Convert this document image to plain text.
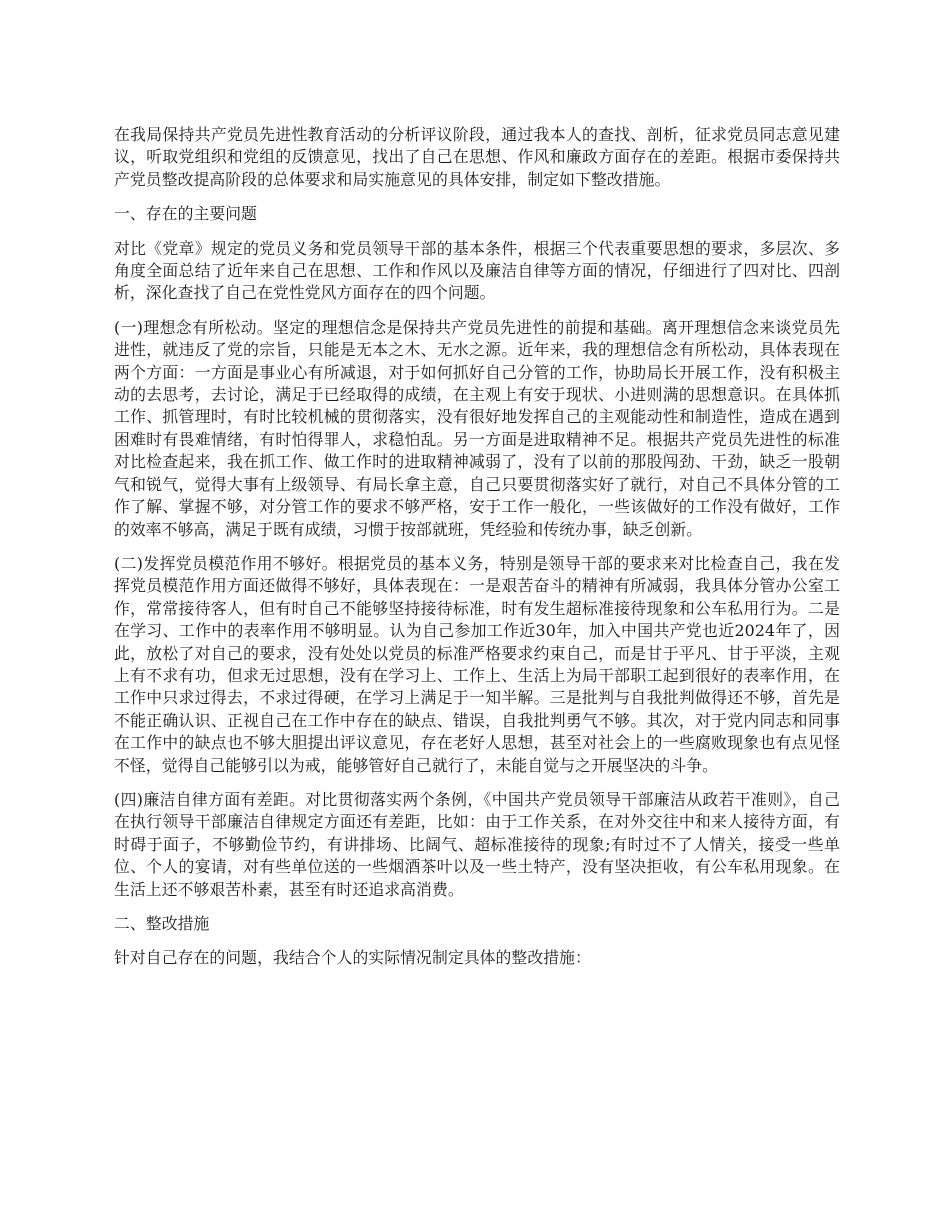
在我局保持共产党员先进性教育活动的分析评议阶段，通过我本人的查找、剖析，征求党员同志意见建议，听取党组织和党组的反馈意见，找出了自己在思想、作风和廉政方面存在的差距。根据市委保持共产党员整改提高阶段的总体要求和局实施意见的具体安排，制定如下整改措施。

一、存在的主要问题

对比《党章》规定的党员义务和党员领导干部的基本条件，根据三个代表重要思想的要求，多层次、多角度全面总结了近年来自己在思想、工作和作风以及廉洁自律等方面的情况，仔细进行了四对比、四剖析，深化查找了自己在党性党风方面存在的四个问题。

(一)理想念有所松动。坚定的理想信念是保持共产党员先进性的前提和基础。离开理想信念来谈党员先进性，就违反了党的宗旨，只能是无本之木、无水之源。近年来，我的理想信念有所松动，具体表现在两个方面：一方面是事业心有所减退，对于如何抓好自己分管的工作，协助局长开展工作，没有积极主动的去思考，去讨论，满足于已经取得的成绩，在主观上有安于现状、小进则满的思想意识。在具体抓工作、抓管理时，有时比较机械的贯彻落实，没有很好地发挥自己的主观能动性和制造性，造成在遇到困难时有畏难情绪，有时怕得罪人，求稳怕乱。另一方面是进取精神不足。根据共产党员先进性的标准对比检查起来，我在抓工作、做工作时的进取精神减弱了，没有了以前的那股闯劲、干劲，缺乏一股朝气和锐气，觉得大事有上级领导、有局长拿主意，自己只要贯彻落实好了就行，对自己不具体分管的工作了解、掌握不够，对分管工作的要求不够严格，安于工作一般化，一些该做好的工作没有做好，工作的效率不够高，满足于既有成绩，习惯于按部就班，凭经验和传统办事，缺乏创新。

(二)发挥党员模范作用不够好。根据党员的基本义务，特别是领导干部的要求来对比检查自己，我在发挥党员模范作用方面还做得不够好，具体表现在：一是艰苦奋斗的精神有所减弱，我具体分管办公室工作，常常接待客人，但有时自己不能够坚持接待标准，时有发生超标准接待现象和公车私用行为。二是在学习、工作中的表率作用不够明显。认为自己参加工作近30年，加入中国共产党也近2024年了，因此，放松了对自己的要求，没有处处以党员的标准严格要求约束自己，而是甘于平凡、甘于平淡，主观上有不求有功，但求无过思想，没有在学习上、工作上、生活上为局干部职工起到很好的表率作用，在工作中只求过得去，不求过得硬，在学习上满足于一知半解。三是批判与自我批判做得还不够，首先是不能正确认识、正视自己在工作中存在的缺点、错误，自我批判勇气不够。其次，对于党内同志和同事在工作中的缺点也不够大胆提出评议意见，存在老好人思想，甚至对社会上的一些腐败现象也有点见怪不怪，觉得自己能够引以为戒，能够管好自己就行了，未能自觉与之开展坚决的斗争。

(四)廉洁自律方面有差距。对比贯彻落实两个条例，《中国共产党员领导干部廉洁从政若干准则》，自己在执行领导干部廉洁自律规定方面还有差距，比如：由于工作关系，在对外交往中和来人接待方面，有时碍于面子，不够勤俭节约，有讲排场、比阔气、超标准接待的现象;有时过不了人情关，接受一些单位、个人的宴请，对有些单位送的一些烟酒茶叶以及一些土特产，没有坚决拒收，有公车私用现象。在生活上还不够艰苦朴素，甚至有时还追求高消费。

二、整改措施

针对自己存在的问题，我结合个人的实际情况制定具体的整改措施：
